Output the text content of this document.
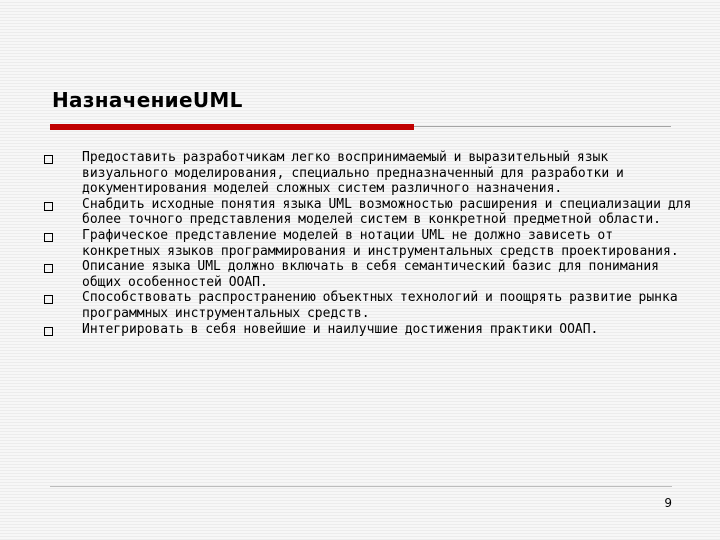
НазначениеUML
Предоставить разработчикам легко воспринимаемый и выразительный язык визуального моделирования, специально предназначенный для разработки и документирования моделей сложных систем различного назначения.
Снабдить исходные понятия языка UML возможностью расширения и специализации для более точного представления моделей систем в конкретной предметной области.
Графическое представление моделей в нотации UML не должно зависеть от конкретных языков программирования и инструментальных средств проектирования.
Описание языка UML должно включать в себя семантический базис для понимания общих особенностей ООАП.
Способствовать распространению объектных технологий и поощрять развитие рынка программных инструментальных средств.
Интегрировать в себя новейшие и наилучшие достижения практики ООАП.
9
